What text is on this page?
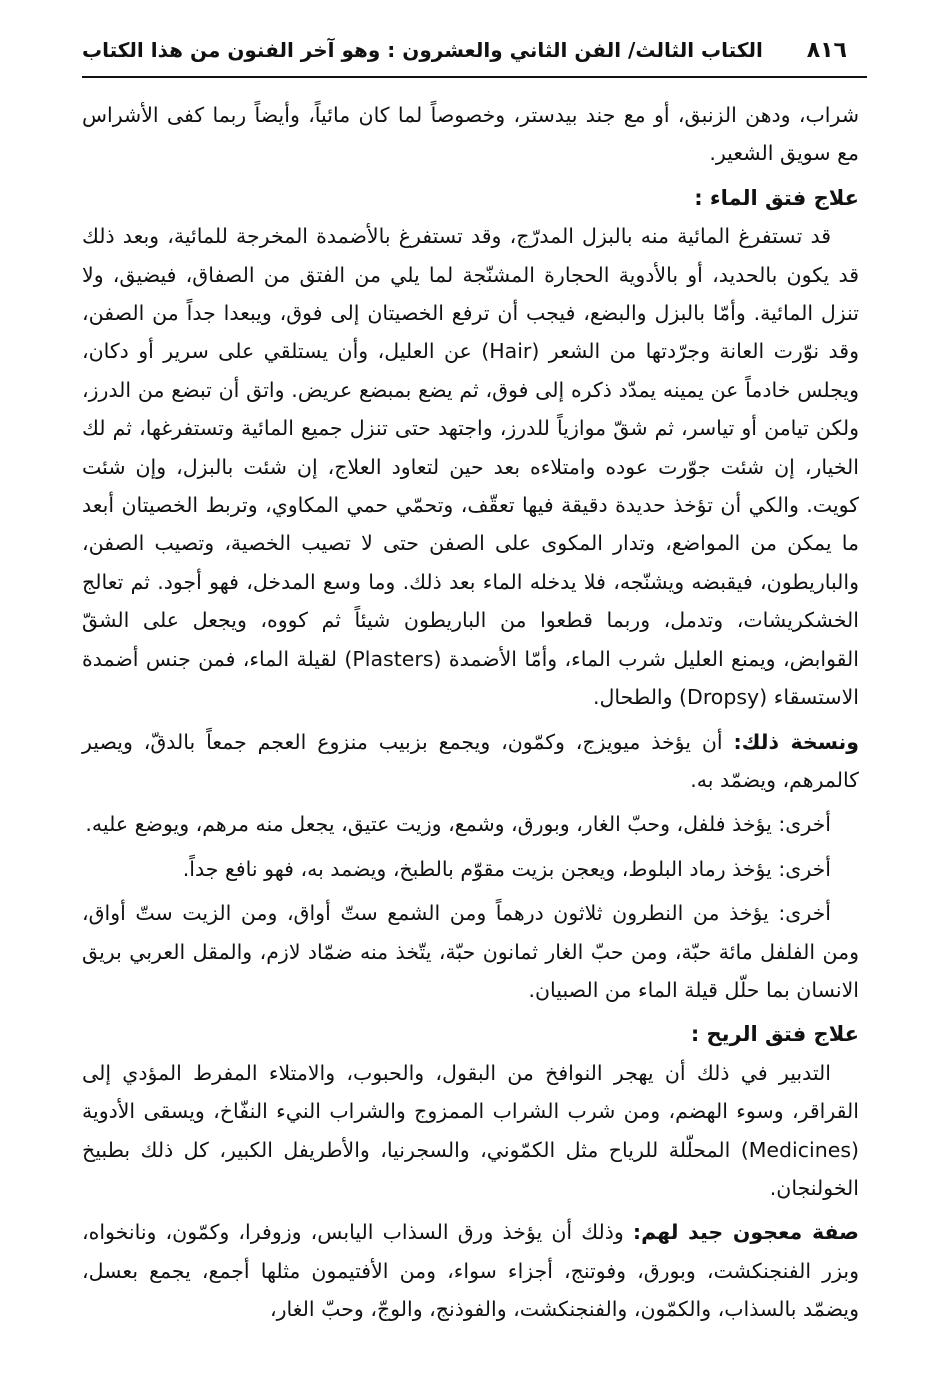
٨١٦
الكتاب الثالث/ الفن الثاني والعشرون : وهو آخر الفنون من هذا الكتاب

شراب، ودهن الزنبق، أو مع جند بيدستر، وخصوصاً لما كان مائياً، وأيضاً ربما كفى الأشراس مع سويق الشعير.

علاج فتق الماء :

قد تستفرغ المائية منه بالبزل المدرّج، وقد تستفرغ بالأضمدة المخرجة للمائية، وبعد ذلك قد يكون بالحديد، أو بالأدوية الحجارة المشنّجة لما يلي من الفتق من الصفاق، فيضيق، ولا تنزل المائية. وأمّا بالبزل والبضع، فيجب أن ترفع الخصيتان إلى فوق، ويبعدا جداً من الصفن، وقد نوّرت العانة وجرّدتها من الشعر (Hair) عن العليل، وأن يستلقي على سرير أو دكان، ويجلس خادماً عن يمينه يمدّد ذكره إلى فوق، ثم يضع بمبضع عريض. واتق أن تبضع من الدرز، ولكن تيامن أو تياسر، ثم شقّ موازياً للدرز، واجتهد حتى تنزل جميع المائية وتستفرغها، ثم لك الخيار، إن شئت جوّرت عوده وامتلاءه بعد حين لتعاود العلاج، إن شئت بالبزل، وإن شئت كويت. والكي أن تؤخذ حديدة دقيقة فيها تعقّف، وتحمّي حمي المكاوي، وتربط الخصيتان أبعد ما يمكن من المواضع، وتدار المكوى على الصفن حتى لا تصيب الخصية، وتصيب الصفن، والباريطون، فيقبضه ويشنّجه، فلا يدخله الماء بعد ذلك. وما وسع المدخل، فهو أجود. ثم تعالج الخشكريشات، وتدمل، وربما قطعوا من الباريطون شيئاً ثم كووه، ويجعل على الشقّ القوابض، ويمنع العليل شرب الماء، وأمّا الأضمدة (Plasters) لقيلة الماء، فمن جنس أضمدة الاستسقاء (Dropsy) والطحال.

ونسخة ذلك: أن يؤخذ ميويزج، وكمّون، ويجمع بزبيب منزوع العجم جمعاً بالدقّ، ويصير كالمرهم، ويضمّد به.

أخرى: يؤخذ فلفل، وحبّ الغار، وبورق، وشمع، وزيت عتيق، يجعل منه مرهم، ويوضع عليه.

أخرى: يؤخذ رماد البلوط، ويعجن بزيت مقوّم بالطبخ، ويضمد به، فهو نافع جداً.

أخرى: يؤخذ من النطرون ثلاثون درهماً ومن الشمع ستّ أواق، ومن الزيت ستّ أواق، ومن الفلفل مائة حبّة، ومن حبّ الغار ثمانون حبّة، يتّخذ منه ضمّاد لازم، والمقل العربي بريق الانسان بما حلّل قيلة الماء من الصبيان.

علاج فتق الريح :

التدبير في ذلك أن يهجر النوافخ من البقول، والحبوب، والامتلاء المفرط المؤدي إلى القراقر، وسوء الهضم، ومن شرب الشراب الممزوج والشراب النيء النفّاخ، ويسقى الأدوية (Medicines) المحلّلة للرياح مثل الكمّوني، والسجرنيا، والأطريفل الكبير، كل ذلك بطبيخ الخولنجان.

صفة معجون جيد لهم: وذلك أن يؤخذ ورق السذاب اليابس، وزوفرا، وكمّون، ونانخواه، وبزر الفنجنكشت، وبورق، وفوتنج، أجزاء سواء، ومن الأفتيمون مثلها أجمع، يجمع بعسل، ويضمّد بالسذاب، والكمّون، والفنجنكشت، والفوذنج، والوجّ، وحبّ الغار،
